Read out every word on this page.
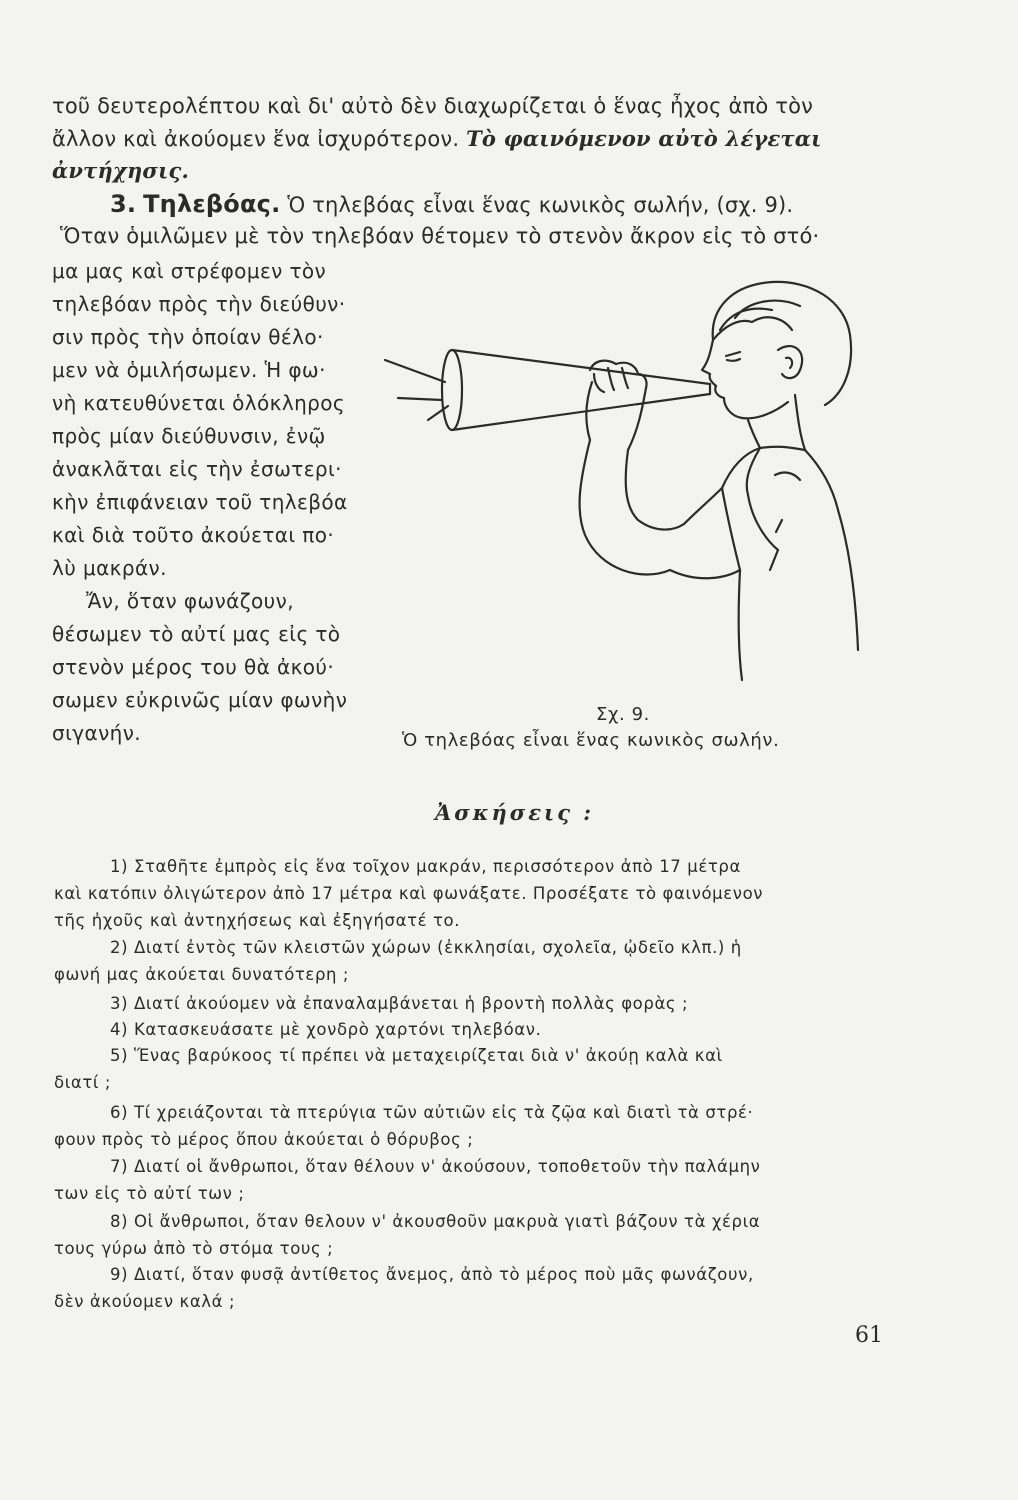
τοῦ δευτερολέπτου καὶ δι' αὐτὸ δὲν διαχωρίζεται ὁ ἕνας ἦχος ἀπὸ τὸν
ἄλλον καὶ ἀκούομεν ἕνα ἰσχυρότερον. Τὸ φαινόμενον αὐτὸ λέγεται
ἀντήχησις.
3. Τηλεβόας. Ὁ τηλεβόας εἶναι ἕνας κωνικὸς σωλήν, (σχ. 9).
Ὅταν ὁμιλῶμεν μὲ τὸν τηλεβόαν θέτομεν τὸ στενὸν ἄκρον εἰς τὸ στό·
μα μας καὶ στρέφομεν τὸν
τηλεβόαν πρὸς τὴν διεύθυν·
σιν πρὸς τὴν ὁποίαν θέλο·
μεν νὰ ὁμιλήσωμεν. Ἡ φω·
νὴ κατευθύνεται ὁλόκληρος
πρὸς μίαν διεύθυνσιν, ἐνῷ
ἀνακλᾶται εἰς τὴν ἐσωτερι·
κὴν ἐπιφάνειαν τοῦ τηλεβόα
καὶ διὰ τοῦτο ἀκούεται πο·
λὺ μακράν.
Ἄν, ὅταν φωνάζουν,
θέσωμεν τὸ αὐτί μας εἰς τὸ
στενὸν μέρος του θὰ ἀκού·
σωμεν εὐκρινῶς μίαν φωνὴν
σιγανήν.
Σχ. 9.
Ὁ τηλεβόας εἶναι ἕνας κωνικὸς σωλήν.
Ἀσκήσεις :
1) Σταθῆτε ἐμπρὸς εἰς ἕνα τοῖχον μακράν, περισσότερον ἀπὸ 17 μέτρα
καὶ κατόπιν ὀλιγώτερον ἀπὸ 17 μέτρα καὶ φωνάξατε. Προσέξατε τὸ φαινόμενον
τῆς ἠχοῦς καὶ ἀντηχήσεως καὶ ἐξηγήσατέ το.
2) Διατί ἐντὸς τῶν κλειστῶν χώρων (ἐκκλησίαι, σχολεῖα, ᾠδεῖο κλπ.) ἡ
φωνή μας ἀκούεται δυνατότερη ;
3) Διατί ἀκούομεν νὰ ἐπαναλαμβάνεται ἡ βροντὴ πολλὰς φορὰς ;
4) Κατασκευάσατε μὲ χονδρὸ χαρτόνι τηλεβόαν.
5) Ἕνας βαρύκοος τί πρέπει νὰ μεταχειρίζεται διὰ ν' ἀκούῃ καλὰ καὶ
διατί ;
6) Τί χρειάζονται τὰ πτερύγια τῶν αὐτιῶν εἰς τὰ ζῷα καὶ διατὶ τὰ στρέ·
φουν πρὸς τὸ μέρος ὅπου ἀκούεται ὁ θόρυβος ;
7) Διατί οἱ ἄνθρωποι, ὅταν θέλουν ν' ἀκούσουν, τοποθετοῦν τὴν παλάμην
των εἰς τὸ αὐτί των ;
8) Οἱ ἄνθρωποι, ὅταν θελουν ν' ἀκουσθοῦν μακρυὰ γιατὶ βάζουν τὰ χέρια
τους γύρω ἀπὸ τὸ στόμα τους ;
9) Διατί, ὅταν φυσᾷ ἀντίθετος ἄνεμος, ἀπὸ τὸ μέρος ποὺ μᾶς φωνάζουν,
δὲν ἀκούομεν καλά ;
61
